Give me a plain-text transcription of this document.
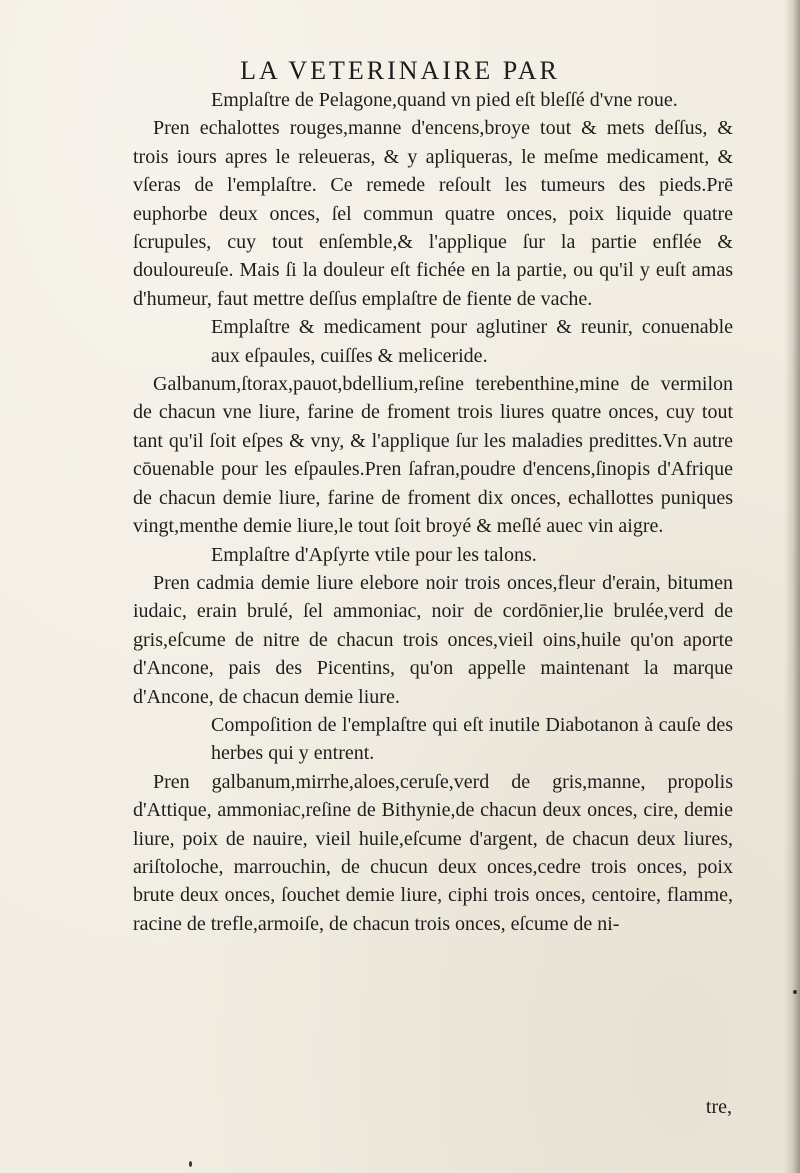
LA VETERINAIRE PAR

Emplaſtre de Pelagone,quand vn pied eſt bleſſé d'vne roue.

Pren echalottes rouges,manne d'encens,broye tout & mets deſſus, & trois iours apres le releueras, & y apliqueras, le meſme medicament, & vſeras de l'emplaſtre. Ce remede reſoult les tumeurs des pieds.Prē euphorbe deux onces, ſel commun quatre onces, poix liquide quatre ſcrupules, cuy tout enſemble,& l'applique ſur la partie enflée & douloureuſe. Mais ſi la douleur eſt fichée en la partie, ou qu'il y euſt amas d'humeur, faut mettre deſſus emplaſtre de fiente de vache.

Emplaſtre & medicament pour aglutiner & reunir, conuenable aux eſpaules, cuiſſes & meliceride.

Galbanum,ſtorax,pauot,bdellium,reſine terebenthine,mine de vermilon de chacun vne liure, farine de froment trois liures quatre onces, cuy tout tant qu'il ſoit eſpes & vny, & l'applique ſur les maladies predittes.Vn autre cōuenable pour les eſpaules.Pren ſafran,poudre d'encens,ſinopis d'Afrique de chacun demie liure, farine de froment dix onces, echallottes puniques vingt,menthe demie liure,le tout ſoit broyé & meſlé auec vin aigre.

Emplaſtre d'Apſyrte vtile pour les talons.

Pren cadmia demie liure elebore noir trois onces,fleur d'erain, bitumen iudaic, erain brulé, ſel ammoniac, noir de cordōnier,lie brulée,verd de gris,eſcume de nitre de chacun trois onces,vieil oins,huile qu'on aporte d'Ancone, pais des Picentins, qu'on appelle maintenant la marque d'Ancone, de chacun demie liure.

Compoſition de l'emplaſtre qui eſt inutile Diabotanon à cauſe des herbes qui y entrent.

Pren galbanum,mirrhe,aloes,ceruſe,verd de gris,manne, propolis d'Attique, ammoniac,reſine de Bithynie,de chacun deux onces, cire, demie liure, poix de nauire, vieil huile,eſcume d'argent, de chacun deux liures, ariſtoloche, marrouchin, de chucun deux onces,cedre trois onces, poix brute deux onces, ſouchet demie liure, ciphi trois onces, centoire, flamme, racine de trefle,armoiſe, de chacun trois onces, eſcume de ni-

tre,
